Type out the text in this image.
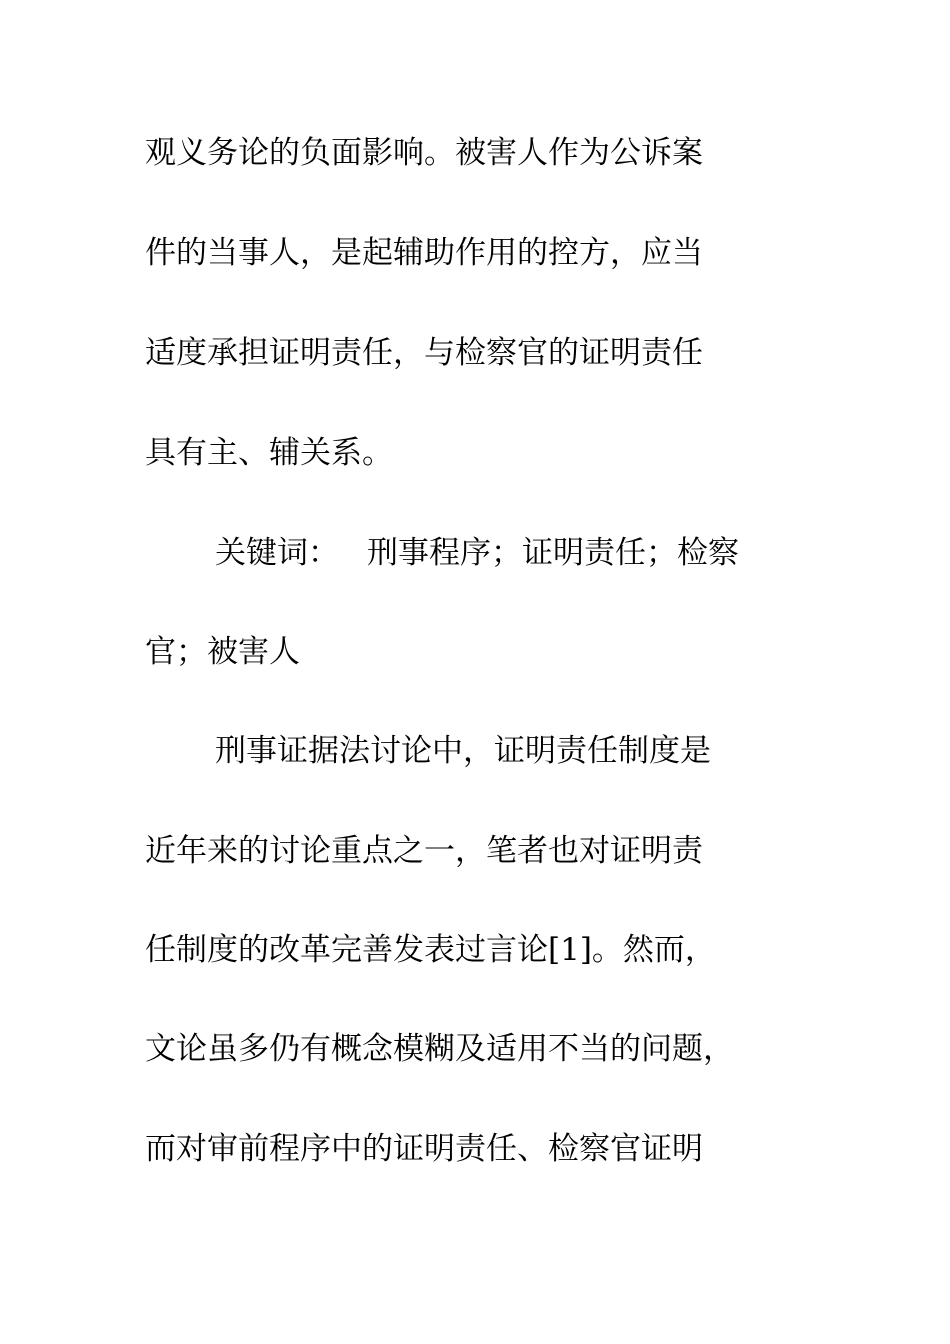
观义务论的负面影响。被害人作为公诉案
件的当事人，是起辅助作用的控方，应当
适度承担证明责任，与检察官的证明责任
具有主、辅关系。
关键词： 刑事程序；证明责任；检察
官；被害人
刑事证据法讨论中，证明责任制度是
近年来的讨论重点之一，笔者也对证明责
任制度的改革完善发表过言论[1]。然而，
文论虽多仍有概念模糊及适用不当的问题，
而对审前程序中的证明责任、检察官证明
